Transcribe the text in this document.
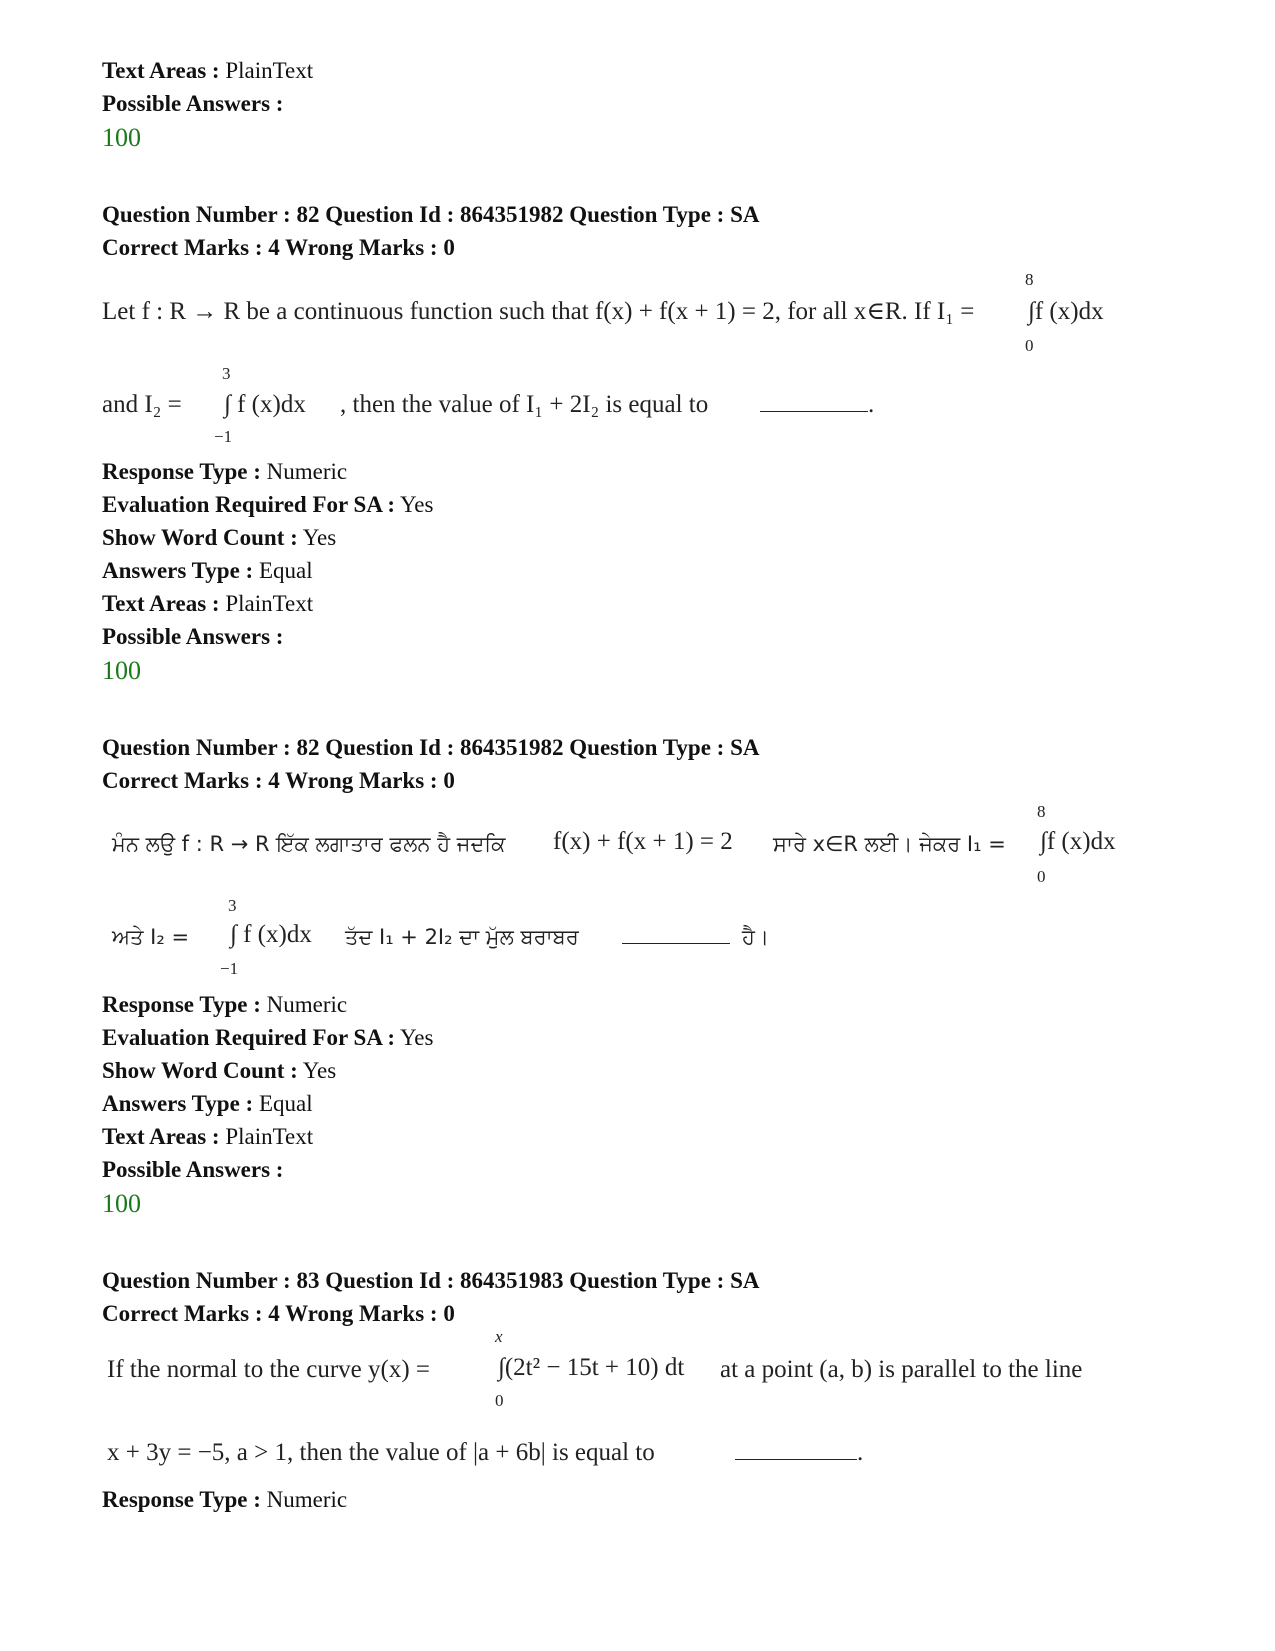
Text Areas : PlainText
Possible Answers :
100
Question Number : 82 Question Id : 864351982 Question Type : SA
Correct Marks : 4 Wrong Marks : 0
Let f : R → R be a continuous function such that f(x) + f(x + 1) = 2, for all x∈R. If I₁ =
8
∫f (x)dx
0
and I₂ =
3
∫ f (x)dx
−1
, then the value of I₁ + 2I₂ is equal to	.
Response Type : Numeric
Evaluation Required For SA : Yes
Show Word Count : Yes
Answers Type : Equal
Text Areas : PlainText
Possible Answers :
100
Question Number : 82 Question Id : 864351982 Question Type : SA
Correct Marks : 4 Wrong Marks : 0
ਮੰਨ ਲਉ f : R → R ਇੱਕ ਲਗਾਤਾਰ ਫਲਨ ਹੈ ਜਦਕਿ f(x) + f(x + 1) = 2 ਸਾਰੇ x∈R ਲਈ। ਜੇਕਰ I₁ =
8
∫f (x)dx
0
ਅਤੇ I₂ =
3
∫ f (x)dx
−1
ਤੱਦ I₁ + 2I₂ ਦਾ ਮੁੱਲ ਬਰਾਬਰ	ਹੈ।
Response Type : Numeric
Evaluation Required For SA : Yes
Show Word Count : Yes
Answers Type : Equal
Text Areas : PlainText
Possible Answers :
100
Question Number : 83 Question Id : 864351983 Question Type : SA
Correct Marks : 4 Wrong Marks : 0
If the normal to the curve y(x) =
x
∫(2t² − 15t + 10) dt
0
at a point (a, b) is parallel to the line
x + 3y = −5, a > 1, then the value of |a + 6b| is equal to	.
Response Type : Numeric
